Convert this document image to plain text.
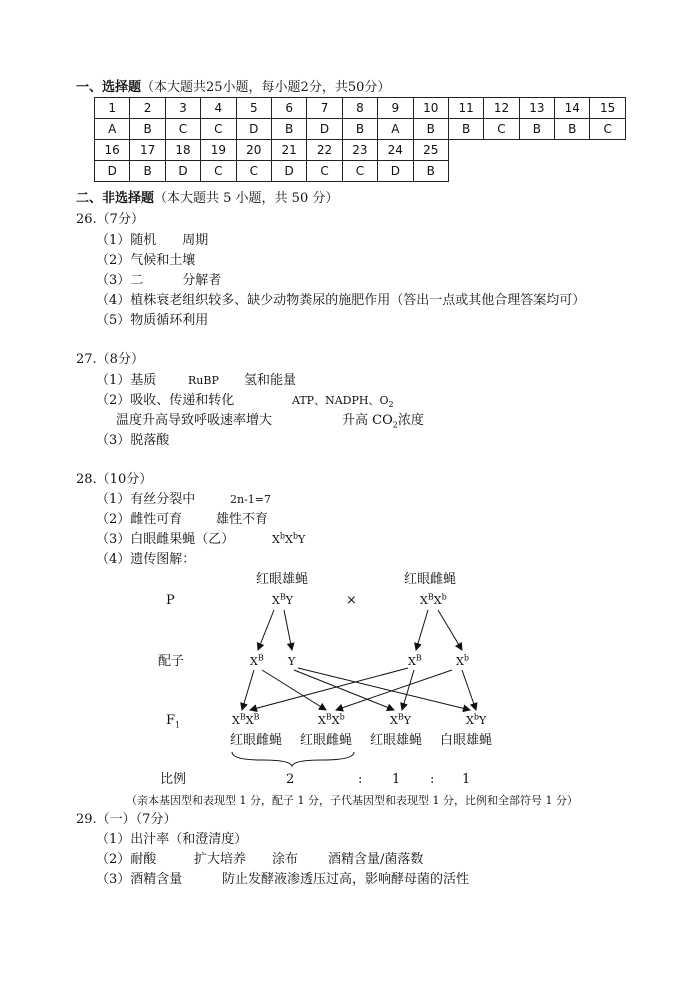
一、选择题（本大题共25小题，每小题2分，共50分）
1	2	3	4	5	6	7	8	9	10	11	12	13	14	15
A	B	C	C	D	B	D	B	A	B	B	C	B	B	C
16	17	18	19	20	21	22	23	24	25					
D	B	D	C	C	D	C	C	D	B					
二、非选择题（本大题共 5 小题，共 50 分）
26.（7分）
（1）随机　　周期
（2）气候和土壤
（3）二　　　分解者
（4）植株衰老组织较多、缺少动物粪尿的施肥作用（答出一点或其他合理答案均可）
（5）物质循环利用
27.（8分）
（1）基质	RuBP 氢和能量
（2）吸收、传递和转化	ATP、NADPH、$O_2$
温度升高导致呼吸速率增大	升高 $CO_2$浓度
（3）脱落酸
28.（10分）
（1）有丝分裂中	2n-1=7
（2）雌性可育	雄性不育
（3）白眼雌果蝇（乙）	$X^bX^bY$
（4）遗传图解：
红眼雄蝇	红眼雌蝇
P	$X^BY$	×	$X^BX^b$
配子	$X^B$ Y	$X^B$	$X^b$
$F_1$	$X^BX^B$	$X^BX^b$	$X^BY$	$X^bY$
红眼雌蝇 红眼雌蝇 红眼雄蝇 白眼雄蝇
比例	2	: 1 : 1
（亲本基因型和表现型 1 分，配子 1 分，子代基因型和表现型 1 分，比例和全部符号 1 分）
29.（一）（7分）
（1）出汁率（和澄清度）
（2）耐酸	扩大培养 涂布 酒精含量/菌落数
（3）酒精含量	防止发酵液渗透压过高，影响酵母菌的活性
